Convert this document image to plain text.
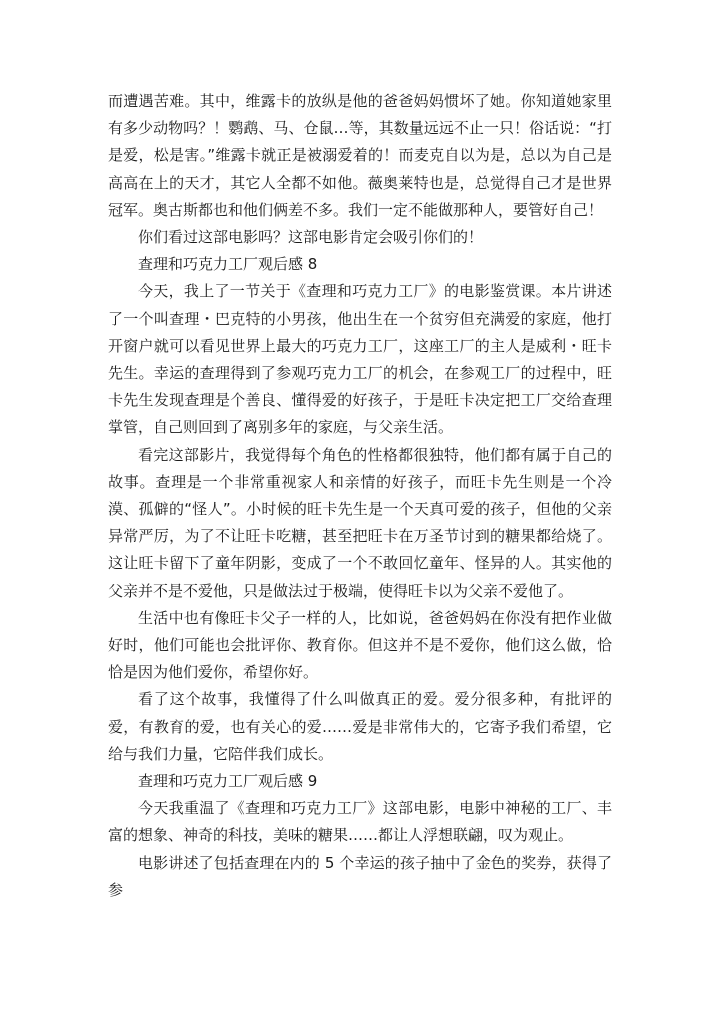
而遭遇苦难。其中，维露卡的放纵是他的爸爸妈妈惯坏了她。你知道她家里有多少动物吗？！鹦鹉、马、仓鼠…等，其数量远远不止一只！俗话说：“打是爱，松是害。”维露卡就正是被溺爱着的！而麦克自以为是，总以为自己是高高在上的天才，其它人全都不如他。薇奥莱特也是，总觉得自己才是世界冠军。奥古斯都也和他们俩差不多。我们一定不能做那种人，要管好自己！

你们看过这部电影吗？这部电影肯定会吸引你们的！

查理和巧克力工厂观后感 8

今天，我上了一节关于《查理和巧克力工厂》的电影鉴赏课。本片讲述了一个叫查理・巴克特的小男孩，他出生在一个贫穷但充满爱的家庭，他打开窗户就可以看见世界上最大的巧克力工厂，这座工厂的主人是威利・旺卡先生。幸运的查理得到了参观巧克力工厂的机会，在参观工厂的过程中，旺卡先生发现查理是个善良、懂得爱的好孩子，于是旺卡决定把工厂交给查理掌管，自己则回到了离别多年的家庭，与父亲生活。

看完这部影片，我觉得每个角色的性格都很独特，他们都有属于自己的故事。查理是一个非常重视家人和亲情的好孩子，而旺卡先生则是一个冷漠、孤僻的“怪人”。小时候的旺卡先生是一个天真可爱的孩子，但他的父亲异常严厉，为了不让旺卡吃糖，甚至把旺卡在万圣节讨到的糖果都给烧了。这让旺卡留下了童年阴影，变成了一个不敢回忆童年、怪异的人。其实他的父亲并不是不爱他，只是做法过于极端，使得旺卡以为父亲不爱他了。

生活中也有像旺卡父子一样的人，比如说，爸爸妈妈在你没有把作业做好时，他们可能也会批评你、教育你。但这并不是不爱你，他们这么做，恰恰是因为他们爱你，希望你好。

看了这个故事，我懂得了什么叫做真正的爱。爱分很多种，有批评的爱，有教育的爱，也有关心的爱……爱是非常伟大的，它寄予我们希望，它给与我们力量，它陪伴我们成长。

查理和巧克力工厂观后感 9

今天我重温了《查理和巧克力工厂》这部电影，电影中神秘的工厂、丰富的想象、神奇的科技，美味的糖果……都让人浮想联翩，叹为观止。

电影讲述了包括查理在内的 5 个幸运的孩子抽中了金色的奖券，获得了参
